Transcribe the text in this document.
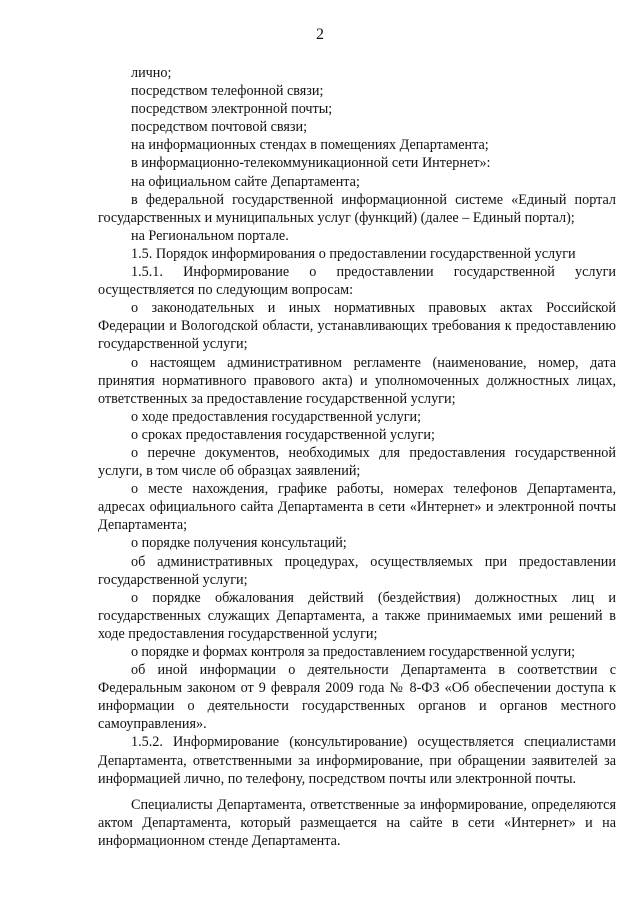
2

лично;

посредством телефонной связи;

посредством электронной почты;

посредством почтовой связи;

на информационных стендах в помещениях Департамента;

в информационно-телекоммуникационной сети Интернет»:

на официальном сайте Департамента;

в федеральной государственной информационной системе «Единый портал государственных и муниципальных услуг (функций) (далее – Единый портал);

на Региональном портале.

1.5. Порядок информирования о предоставлении государственной услуги

1.5.1. Информирование о предоставлении государственной услуги осуществляется по следующим вопросам:

о законодательных и иных нормативных правовых актах Российской Федерации и Вологодской области, устанавливающих требования к предоставлению государственной услуги;

о настоящем административном регламенте (наименование, номер, дата принятия нормативного правового акта) и уполномоченных должностных лицах, ответственных за предоставление государственной услуги;

о ходе предоставления государственной услуги;

о сроках предоставления государственной услуги;

о перечне документов, необходимых для предоставления государственной услуги, в том числе об образцах заявлений;

о месте нахождения, графике работы, номерах телефонов Департамента, адресах официального сайта Департамента в сети «Интернет» и электронной почты Департамента;

о порядке получения консультаций;

об административных процедурах, осуществляемых при предоставлении государственной услуги;

о порядке обжалования действий (бездействия) должностных лиц и государственных служащих Департамента, а также принимаемых ими решений в ходе предоставления государственной услуги;

о порядке и формах контроля за предоставлением государственной услуги;

об иной информации о деятельности Департамента в соответствии с Федеральным законом от 9 февраля 2009 года № 8-ФЗ «Об обеспечении доступа к информации о деятельности государственных органов и органов местного самоуправления».

1.5.2. Информирование (консультирование) осуществляется специалистами Департамента, ответственными за информирование, при обращении заявителей за информацией лично, по телефону, посредством почты или электронной почты.

Специалисты Департамента, ответственные за информирование, определяются актом Департамента, который размещается на сайте в сети «Интернет» и на информационном стенде Департамента.
